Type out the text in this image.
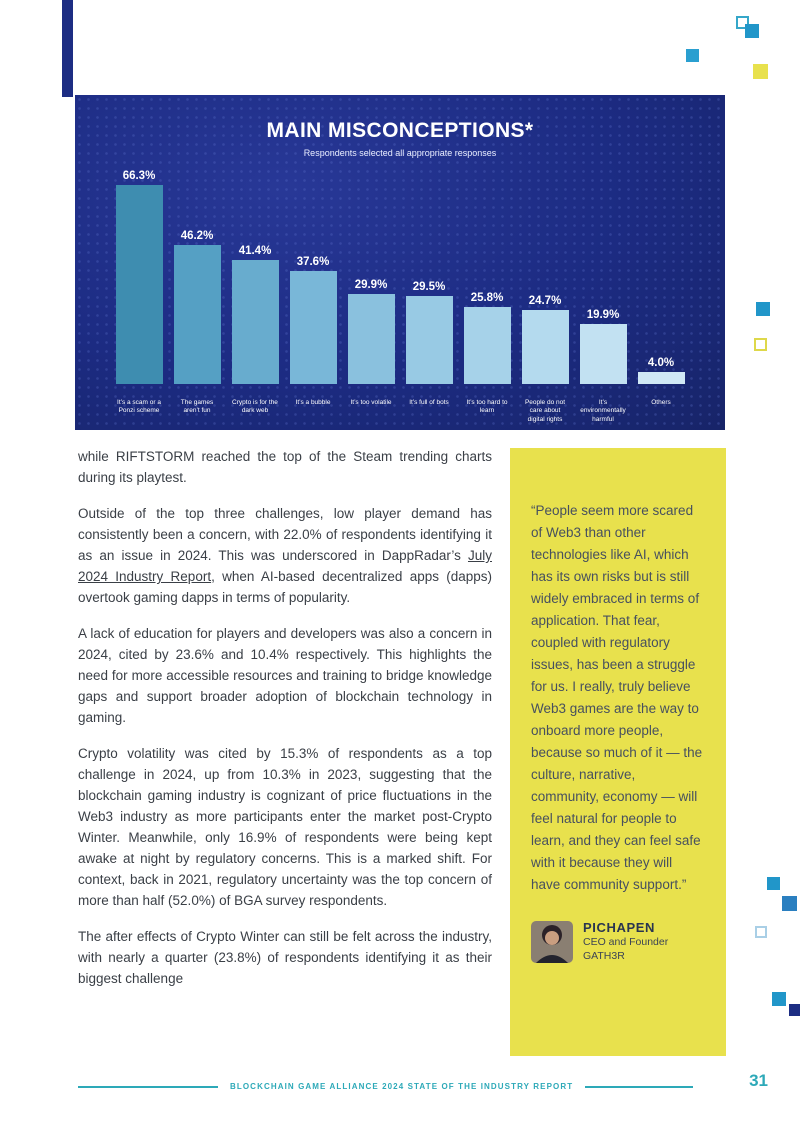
MAIN MISCONCEPTIONS*
Respondents selected all appropriate responses
66.3%
46.2%
41.4%
37.6%
29.9% 29.5%
25.8% 24.7%
19.9%
4.0%
It’s a scam or a Ponzi scheme
The games aren’t fun
Crypto is for the dark web
It’s a bubble	It’s too volatile	It’s full of bots	It’s too hard to learn
People do not care about digital rights
It’s environmentally harmful
Others

while RIFTSTORM reached the top of the Steam trending charts during its playtest.

Outside of the top three challenges, low player demand has consistently been a concern, with 22.0% of respondents identifying it as an issue in 2024. This was underscored in DappRadar’s July 2024 Industry Report, when AI-based decentralized apps (dapps) overtook gaming dapps in terms of popularity.

A lack of education for players and developers was also a concern in 2024, cited by 23.6% and 10.4% respectively. This highlights the need for more accessible resources and training to bridge knowledge gaps and support broader adoption of blockchain technology in gaming.

Crypto volatility was cited by 15.3% of respondents as a top challenge in 2024, up from 10.3% in 2023, suggesting that the blockchain gaming industry is cognizant of price fluctuations in the Web3 industry as more participants enter the market post-Crypto Winter. Meanwhile, only 16.9% of respondents were being kept awake at night by regulatory concerns. This is a marked shift. For context, back in 2021, regulatory uncertainty was the top concern of more than half (52.0%) of BGA survey respondents.

The after effects of Crypto Winter can still be felt across the industry, with nearly a quarter (23.8%) of respondents identifying it as their biggest challenge

“People seem more scared of Web3 than other technologies like AI, which has its own risks but is still widely embraced in terms of application. That fear, coupled with regulatory issues, has been a struggle for us. I really, truly believe Web3 games are the way to onboard more people, because so much of it — the culture, narrative, community, economy — will feel natural for people to learn, and they can feel safe with it because they will have community support.”
PICHAPEN
CEO and Founder
GATH3R
BLOCKCHAIN GAME ALLIANCE 2024 STATE OF THE INDUSTRY REPORT	31
